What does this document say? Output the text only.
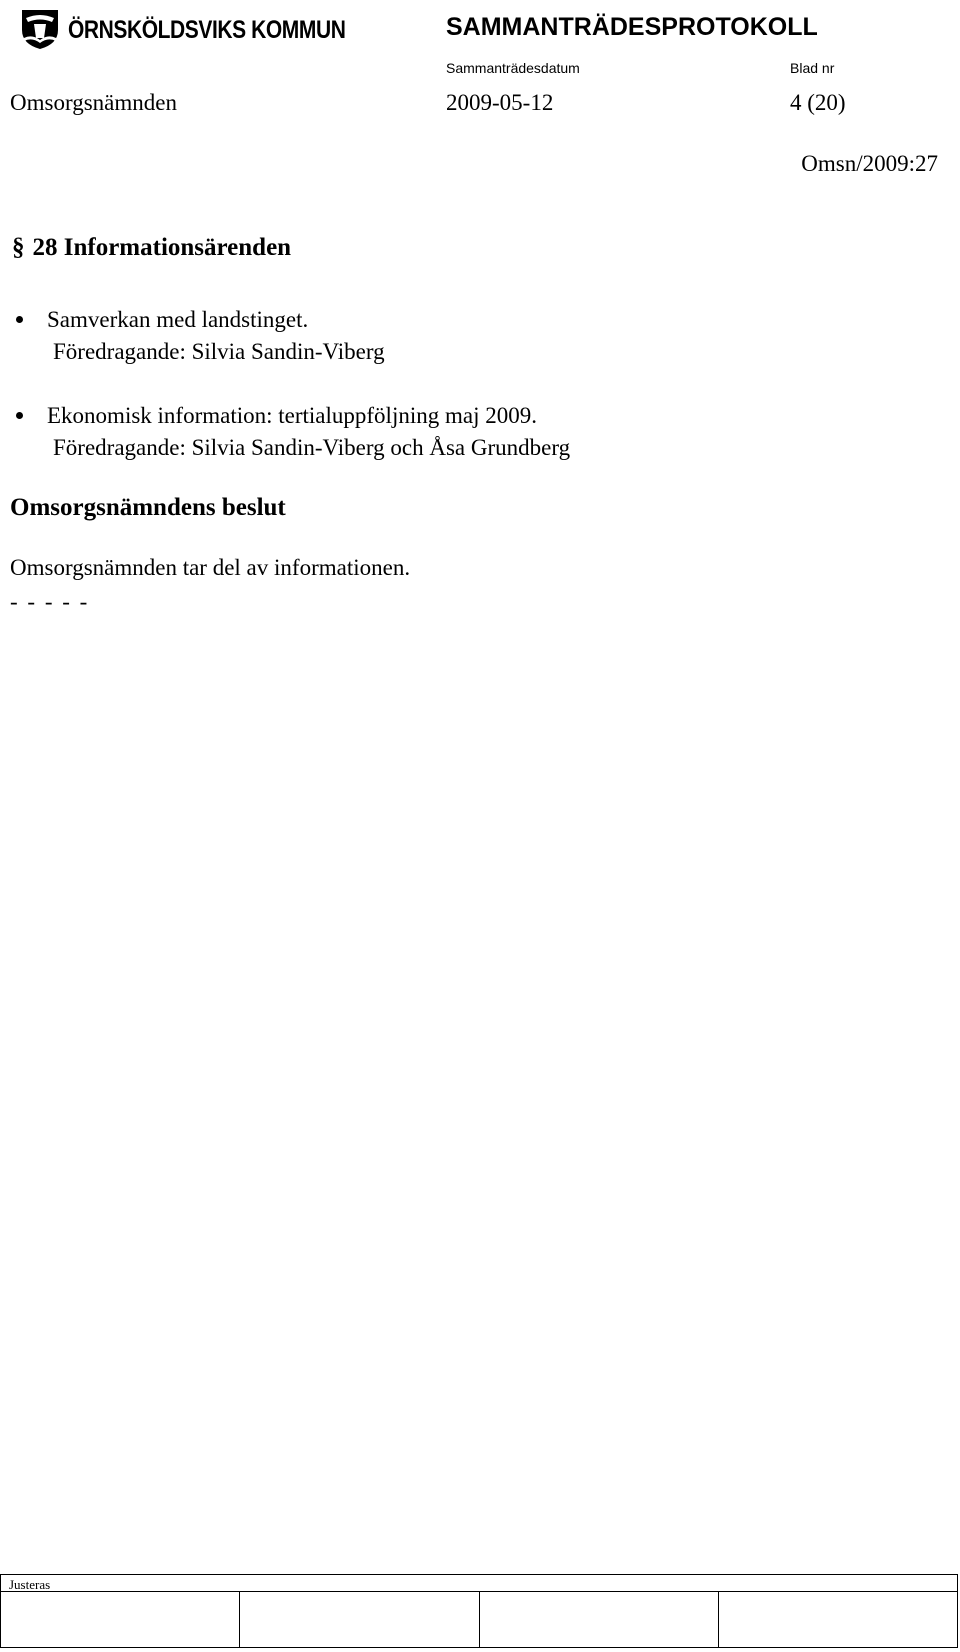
ÖRNSKÖLDSVIKS KOMMUN	SAMMANTRÄDESPROTOKOLL
Sammanträdesdatum	Blad nr
Omsorgsnämnden	2009-05-12	4 (20)
Omsn/2009:27
§ 28 Informationsärenden
Samverkan med landstinget.
Föredragande: Silvia Sandin-Viberg
Ekonomisk information: tertialuppföljning maj 2009.
Föredragande: Silvia Sandin-Viberg och Åsa Grundberg
Omsorgsnämndens beslut
Omsorgsnämnden tar del av informationen.
- - - - -
Justeras
